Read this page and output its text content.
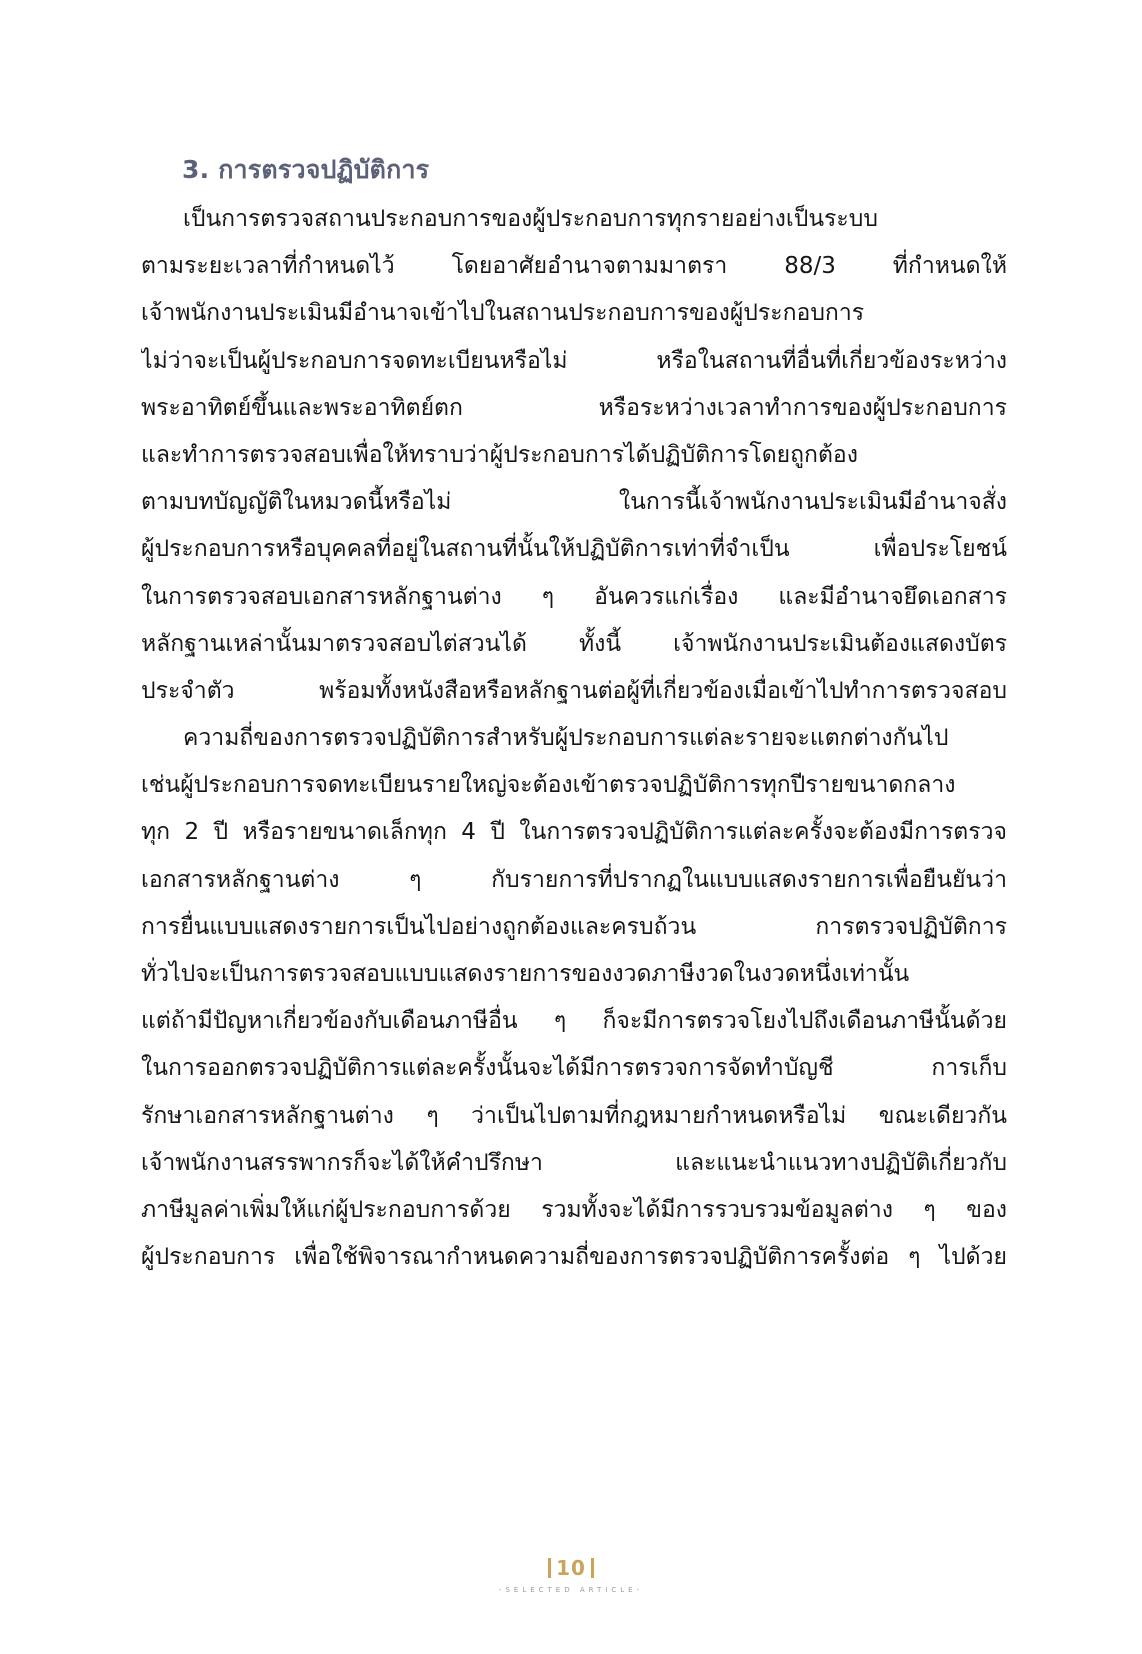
3. การตรวจปฏิบัติการ
เป็นการตรวจสถานประกอบการของผู้ประกอบการทุกรายอย่างเป็นระบบ
ตามระยะเวลาที่กำหนดไว้ โดยอาศัยอำนาจตามมาตรา 88/3 ที่กำหนดให้
เจ้าพนักงานประเมินมีอำนาจเข้าไปในสถานประกอบการของผู้ประกอบการ
ไม่ว่าจะเป็นผู้ประกอบการจดทะเบียนหรือไม่ หรือในสถานที่อื่นที่เกี่ยวข้องระหว่าง
พระอาทิตย์ขึ้นและพระอาทิตย์ตก หรือระหว่างเวลาทำการของผู้ประกอบการ
และทำการตรวจสอบเพื่อให้ทราบว่าผู้ประกอบการได้ปฏิบัติการโดยถูกต้อง
ตามบทบัญญัติในหมวดนี้หรือไม่ ในการนี้เจ้าพนักงานประเมินมีอำนาจสั่ง
ผู้ประกอบการหรือบุคคลที่อยู่ในสถานที่นั้นให้ปฏิบัติการเท่าที่จำเป็น เพื่อประโยชน์
ในการตรวจสอบเอกสารหลักฐานต่าง ๆ อันควรแก่เรื่อง และมีอำนาจยึดเอกสาร
หลักฐานเหล่านั้นมาตรวจสอบไต่สวนได้ ทั้งนี้ เจ้าพนักงานประเมินต้องแสดงบัตร
ประจำตัว พร้อมทั้งหนังสือหรือหลักฐานต่อผู้ที่เกี่ยวข้องเมื่อเข้าไปทำการตรวจสอบ
ความถี่ของการตรวจปฏิบัติการสำหรับผู้ประกอบการแต่ละรายจะแตกต่างกันไป
เช่นผู้ประกอบการจดทะเบียนรายใหญ่จะต้องเข้าตรวจปฏิบัติการทุกปีรายขนาดกลาง
ทุก 2 ปี หรือรายขนาดเล็กทุก 4 ปี ในการตรวจปฏิบัติการแต่ละครั้งจะต้องมีการตรวจ
เอกสารหลักฐานต่าง ๆ กับรายการที่ปรากฏในแบบแสดงรายการเพื่อยืนยันว่า
การยื่นแบบแสดงรายการเป็นไปอย่างถูกต้องและครบถ้วน การตรวจปฏิบัติการ
ทั่วไปจะเป็นการตรวจสอบแบบแสดงรายการของงวดภาษีงวดในงวดหนึ่งเท่านั้น
แต่ถ้ามีปัญหาเกี่ยวข้องกับเดือนภาษีอื่น ๆ ก็จะมีการตรวจโยงไปถึงเดือนภาษีนั้นด้วย
ในการออกตรวจปฏิบัติการแต่ละครั้งนั้นจะได้มีการตรวจการจัดทำบัญชี การเก็บ
รักษาเอกสารหลักฐานต่าง ๆ ว่าเป็นไปตามที่กฎหมายกำหนดหรือไม่ ขณะเดียวกัน
เจ้าพนักงานสรรพากรก็จะได้ให้คำปรึกษา และแนะนำแนวทางปฏิบัติเกี่ยวกับ
ภาษีมูลค่าเพิ่มให้แก่ผู้ประกอบการด้วย รวมทั้งจะได้มีการรวบรวมข้อมูลต่าง ๆ ของ
ผู้ประกอบการ เพื่อใช้พิจารณากำหนดความถี่ของการตรวจปฏิบัติการครั้งต่อ ๆ ไปด้วย
10
-SELECTED ARTICLE-
